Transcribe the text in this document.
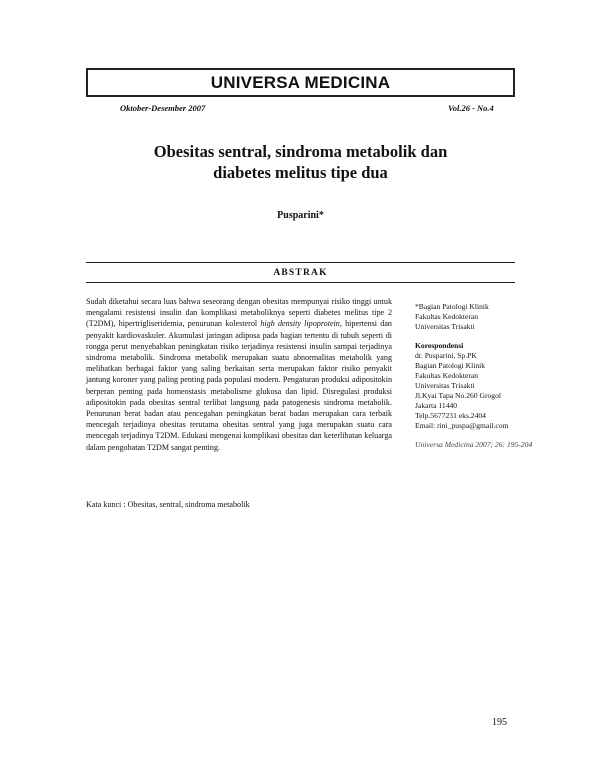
UNIVERSA MEDICINA
Oktober-Desember 2007	Vol.26 - No.4
Obesitas sentral, sindroma metabolik dan
diabetes melitus tipe dua
Pusparini*
ABSTRAK

Sudah diketahui secara luas bahwa seseorang dengan obesitas mempunyai risiko tinggi untuk mengalami resistensi insulin dan komplikasi metaboliknya seperti diabetes melitus tipe 2 (T2DM), hipertrigliseridemia, penurunan kolesterol high density lipoprotein, hipertensi dan penyakit kardiovaskuler. Akumulasi jaringan adiposa pada bagian tertentu di tubuh seperti di rongga perut menyebabkan peningkatan risiko terjadinya resistensi insulin sampai terjadinya sindroma metabolik. Sindroma metabolik merupakan suatu abnormalitas metabolik yang melibatkan berbagai faktor yang saling berkaitan serta merupakan faktor risiko penyakit jantung koroner yang paling penting pada populasi modern. Pengaturan produksi adipositokin berperan penting pada homeostasis metabolisme glukosa dan lipid. Disregulasi produksi adipositokin pada obesitas sentral terlibat langsung pada patogenesis sindroma metabolik. Penurunan berat badan atau pencegahan peningkatan berat badan merupakan cara terbaik mencegah terjadinya obesitas terutama obesitas sentral yang juga merupakan suatu cara mencegah terjadinya T2DM. Edukasi mengenai komplikasi obesitas dan keterlibatan keluarga dalam pengobatan T2DM sangat penting.

Kata kunci : Obesitas, sentral, sindroma metabolik

*Bagian Patologi Klinik
Fakultas Kedokteran
Universitas Trisakti
Korespondensi
dr. Pusparini, Sp.PK
Bagian Patologi Klinik
Fakultas Kedokteran
Universitas Trisakti
Jl.Kyai Tapa No.260 Grogol
Jakarta 11440
Telp.5677231 eks.2404
Email: rini_puspa@gmail.com
Universa Medicina 2007; 26: 195-204
195
